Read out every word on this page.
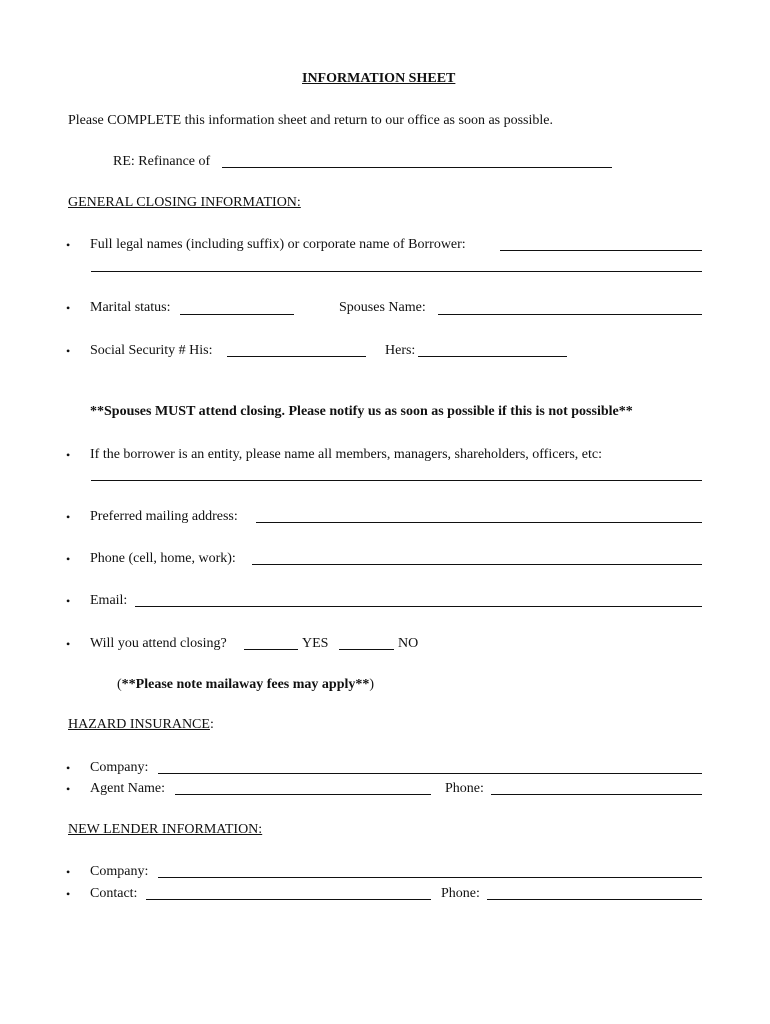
INFORMATION SHEET
Please COMPLETE this information sheet and return to our office as soon as possible.
RE: Refinance of
GENERAL CLOSING INFORMATION:
• Full legal names (including suffix) or corporate name of Borrower:
• Marital status:	Spouses Name:
• Social Security # His:	Hers:
**Spouses MUST attend closing. Please notify us as soon as possible if this is not possible**
• If the borrower is an entity, please name all members, managers, shareholders, officers, etc:
• Preferred mailing address:
• Phone (cell, home, work):
• Email:
• Will you attend closing?	YES	NO
(**Please note mailaway fees may apply**)
HAZARD INSURANCE:
• Company:
• Agent Name:	Phone:
NEW LENDER INFORMATION:
• Company:
• Contact:	Phone:
